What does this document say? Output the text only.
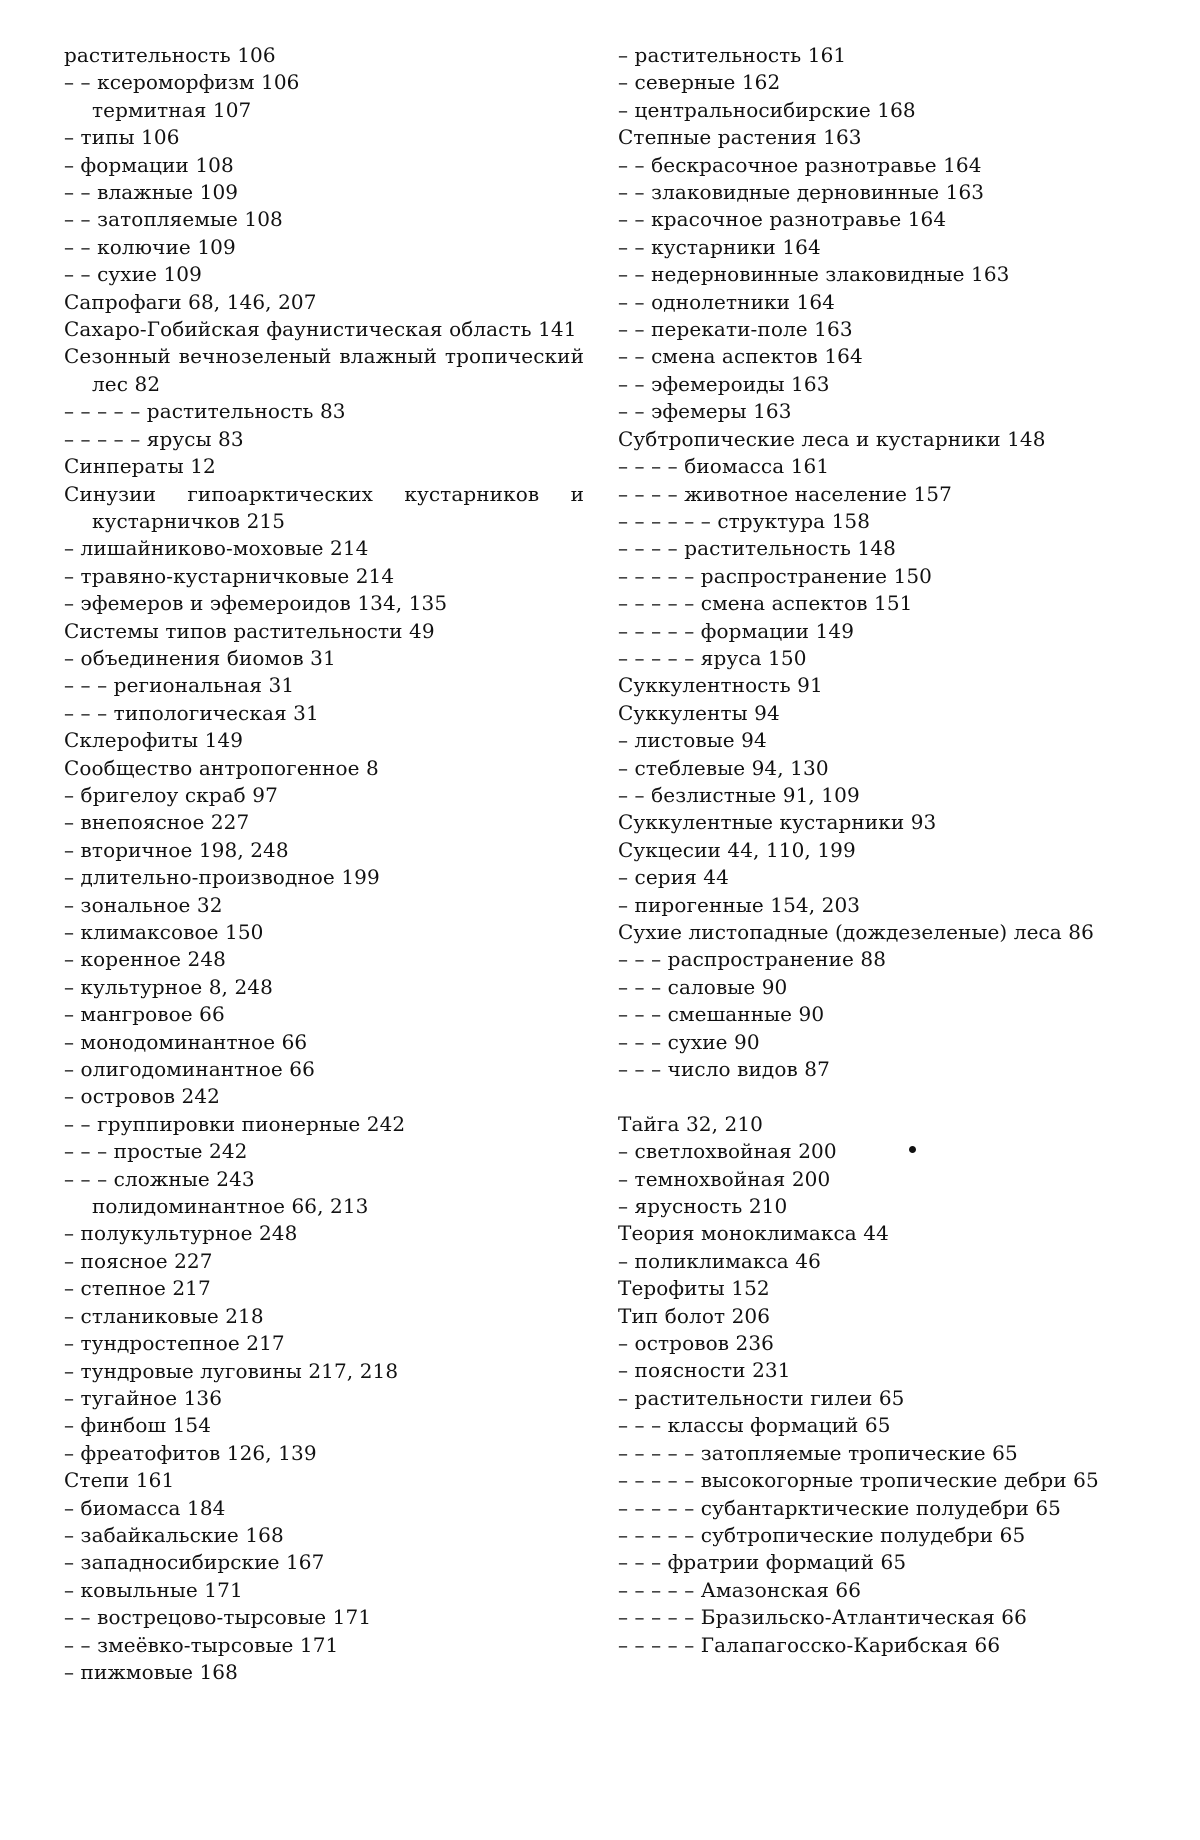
растительность 106
– – ксероморфизм 106
термитная 107
– типы 106
– формации 108
– – влажные 109
– – затопляемые 108
– – колючие 109
– – сухие 109
Сапрофаги 68, 146, 207
Сахаро-Гобийская фаунистическая область 141
Сезонный вечнозеленый влажный тропический лес 82
– – – – – растительность 83
– – – – – ярусы 83
Синператы 12
Синузии гипоарктических кустарников и кустарничков 215
– лишайниково-моховые 214
– травяно-кустарничковые 214
– эфемеров и эфемероидов 134, 135
Системы типов растительности 49
– объединения биомов 31
– – – региональная 31
– – – типологическая 31
Склерофиты 149
Сообщество антропогенное 8
– бригелоу скраб 97
– внепоясное 227
– вторичное 198, 248
– длительно-производное 199
– зональное 32
– климаксовое 150
– коренное 248
– культурное 8, 248
– мангровое 66
– монодоминантное 66
– олигодоминантное 66
– островов 242
– – группировки пионерные 242
– – – простые 242
– – – сложные 243
полидоминантное 66, 213
– полукультурное 248
– поясное 227
– степное 217
– стланиковые 218
– тундростепное 217
– тундровые луговины 217, 218
– тугайное 136
– финбош 154
– фреатофитов 126, 139
Степи 161
– биомасса 184
– забайкальские 168
– западносибирские 167
– ковыльные 171
– – вострецово-тырсовые 171
– – змеёвко-тырсовые 171
– пижмовые 168
– растительность 161
– северные 162
– центральносибирские 168
Степные растения 163
– – бескрасочное разнотравье 164
– – злаковидные дерновинные 163
– – красочное разнотравье 164
– – кустарники 164
– – недерновинные злаковидные 163
– – однолетники 164
– – перекати-поле 163
– – смена аспектов 164
– – эфемероиды 163
– – эфемеры 163
Субтропические леса и кустарники 148
– – – – биомасса 161
– – – – животное население 157
– – – – – – структура 158
– – – – растительность 148
– – – – – распространение 150
– – – – – смена аспектов 151
– – – – – формации 149
– – – – – яруса 150
Суккулентность 91
Суккуленты 94
– листовые 94
– стеблевые 94, 130
– – безлистные 91, 109
Суккулентные кустарники 93
Сукцесии 44, 110, 199
– серия 44
– пирогенные 154, 203
Сухие листопадные (дождезеленые) леса 86
– – – распространение 88
– – – саловые 90
– – – смешанные 90
– – – сухие 90
– – – число видов 87
Тайга 32, 210
– светлохвойная 200
– темнохвойная 200
– ярусность 210
Теория моноклимакса 44
– поликлимакса 46
Терофиты 152
Тип болот 206
– островов 236
– поясности 231
– растительности гилеи 65
– – – классы формаций 65
– – – – – затопляемые тропические 65
– – – – – высокогорные тропические дебри 65
– – – – – субантарктические полудебри 65
– – – – – субтропические полудебри 65
– – – фратрии формаций 65
– – – – – Амазонская 66
– – – – – Бразильско-Атлантическая 66
– – – – – Галапагосско-Карибская 66
